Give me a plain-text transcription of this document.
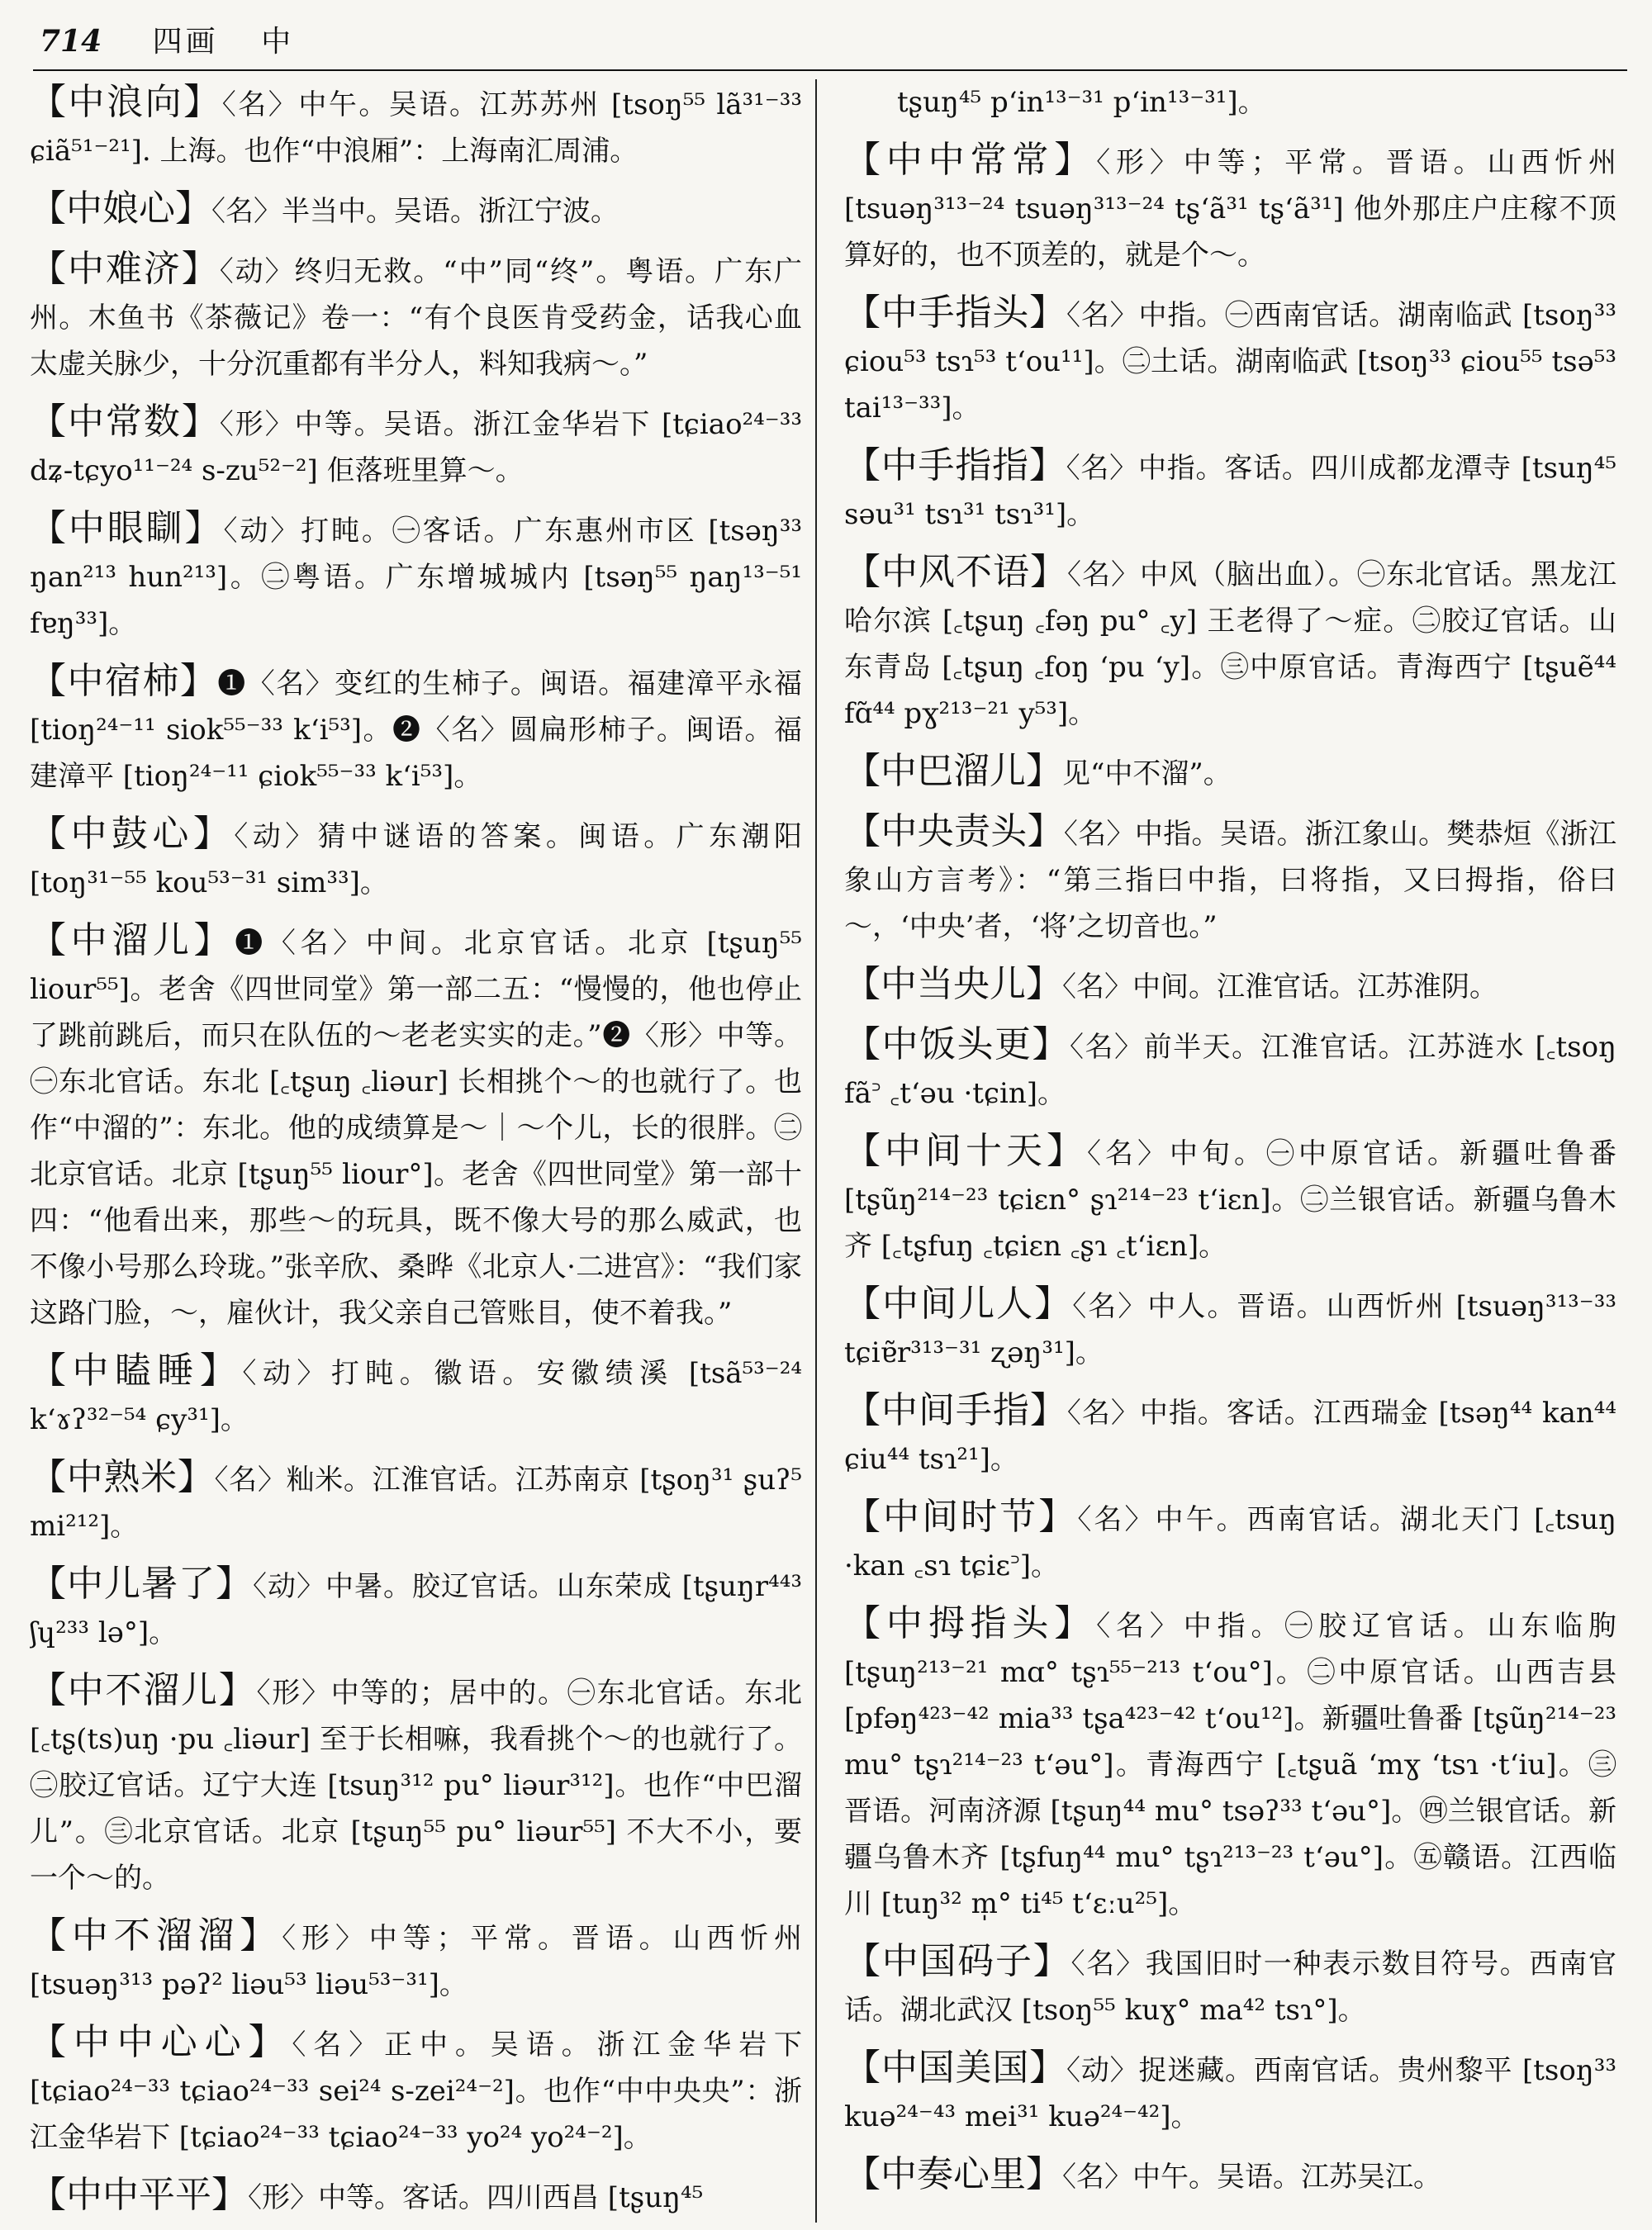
714 四画 中
【中浪向】〈名〉中午。吴语。江苏苏州 [tsoŋ⁵⁵ lã³¹⁻³³ ɕiã⁵¹⁻²¹]. 上海。也作“中浪厢”：上海南汇周浦。
【中娘心】〈名〉半当中。吴语。浙江宁波。
【中难济】〈动〉终归无救。“中”同“终”。粤语。广东广州。木鱼书《茶薇记》卷一：“有个良医肯受药金，话我心血太虚关脉少，十分沉重都有半分人，料知我病～。”
【中常数】〈形〉中等。吴语。浙江金华岩下 [tɕiao²⁴⁻³³ dʑ-tɕyo¹¹⁻²⁴ s-zu⁵²⁻²] 佢落班里算～。
【中眼瞓】〈动〉打盹。㊀客话。广东惠州市区 [tsəŋ³³ ŋan²¹³ hun²¹³]。㊁粤语。广东增城城内 [tsəŋ⁵⁵ ŋaŋ¹³⁻⁵¹ fɐŋ³³]。
【中宿柿】❶〈名〉变红的生柿子。闽语。福建漳平永福 [tioŋ²⁴⁻¹¹ siok⁵⁵⁻³³ k‘i⁵³]。❷〈名〉圆扁形柿子。闽语。福建漳平 [tioŋ²⁴⁻¹¹ ɕiok⁵⁵⁻³³ k‘i⁵³]。
【中鼓心】〈动〉猜中谜语的答案。闽语。广东潮阳 [toŋ³¹⁻⁵⁵ kou⁵³⁻³¹ sim³³]。
【中溜儿】❶〈名〉中间。北京官话。北京 [tʂuŋ⁵⁵ liour⁵⁵]。老舍《四世同堂》第一部二五：“慢慢的，他也停止了跳前跳后，而只在队伍的～老老实实的走。”❷〈形〉中等。㊀东北官话。东北 [꜀tʂuŋ ꜀liəur] 长相挑个～的也就行了。也作“中溜的”：东北。他的成绩算是～｜～个儿，长的很胖。㊁北京官话。北京 [tʂuŋ⁵⁵ liour°]。老舍《四世同堂》第一部十四：“他看出来，那些～的玩具，既不像大号的那么威武，也不像小号那么玲珑。”张辛欣、桑晔《北京人·二进宫》：“我们家这路门脸，～，雇伙计，我父亲自己管账目，使不着我。”
【中瞌睡】〈动〉打盹。徽语。安徽绩溪 [tsã⁵³⁻²⁴ k‘ɤʔ³²⁻⁵⁴ ɕy³¹]。
【中熟米】〈名〉籼米。江淮官话。江苏南京 [tʂoŋ³¹ ʂuʔ⁵ mi²¹²]。
【中儿暑了】〈动〉中暑。胶辽官话。山东荣成 [tʂuŋr⁴⁴³ ʃɥ²³³ lə°]。
【中不溜儿】〈形〉中等的；居中的。㊀东北官话。东北 [꜀tʂ(ts)uŋ ·pu ꜀liəur] 至于长相嘛，我看挑个～的也就行了。㊁胶辽官话。辽宁大连 [tsuŋ³¹² pu° liəur³¹²]。也作“中巴溜儿”。㊂北京官话。北京 [tʂuŋ⁵⁵ pu° liəur⁵⁵] 不大不小，要一个～的。
【中不溜溜】〈形〉中等；平常。晋语。山西忻州 [tsuəŋ³¹³ pəʔ² liəu⁵³ liəu⁵³⁻³¹]。
【中中心心】〈名〉正中。吴语。浙江金华岩下 [tɕiao²⁴⁻³³ tɕiao²⁴⁻³³ sei²⁴ s-zei²⁴⁻²]。也作“中中央央”：浙江金华岩下 [tɕiao²⁴⁻³³ tɕiao²⁴⁻³³ yo²⁴ yo²⁴⁻²]。
【中中平平】〈形〉中等。客话。四川西昌 [tʂuŋ⁴⁵
tʂuŋ⁴⁵ p‘in¹³⁻³¹ p‘in¹³⁻³¹]。
【中中常常】〈形〉中等；平常。晋语。山西忻州 [tsuəŋ³¹³⁻²⁴ tsuəŋ³¹³⁻²⁴ tʂ‘ã³¹ tʂ‘ã³¹] 他外那庄户庄稼不顶算好的，也不顶差的，就是个～。
【中手指头】〈名〉中指。㊀西南官话。湖南临武 [tsoŋ³³ ɕiou⁵³ tsɿ⁵³ t‘ou¹¹]。㊁土话。湖南临武 [tsoŋ³³ ɕiou⁵⁵ tsə⁵³ tai¹³⁻³³]。
【中手指指】〈名〉中指。客话。四川成都龙潭寺 [tsuŋ⁴⁵ səu³¹ tsɿ³¹ tsɿ³¹]。
【中风不语】〈名〉中风（脑出血）。㊀东北官话。黑龙江哈尔滨 [꜀tʂuŋ ꜀fəŋ pu° ꜀y] 王老得了～症。㊁胶辽官话。山东青岛 [꜀tʂuŋ ꜀foŋ ‘pu ‘y]。㊂中原官话。青海西宁 [tʂuẽ⁴⁴ fɑ̃⁴⁴ pɣ²¹³⁻²¹ y⁵³]。
【中巴溜儿】见“中不溜”。
【中央责头】〈名〉中指。吴语。浙江象山。樊恭烜《浙江象山方言考》：“第三指曰中指，曰将指，又曰拇指，俗曰～，‘中央’者，‘将’之切音也。”
【中当央儿】〈名〉中间。江淮官话。江苏淮阴。
【中饭头更】〈名〉前半天。江淮官话。江苏涟水 [꜀tsoŋ fã꜄ ꜀t‘əu ·tɕin]。
【中间十天】〈名〉中旬。㊀中原官话。新疆吐鲁番 [tʂũŋ²¹⁴⁻²³ tɕiɛn° ʂɿ²¹⁴⁻²³ t‘iɛn]。㊁兰银官话。新疆乌鲁木齐 [꜀tʂfuŋ ꜀tɕiɛn ꜀ʂɿ ꜀t‘iɛn]。
【中间儿人】〈名〉中人。晋语。山西忻州 [tsuəŋ³¹³⁻³³ tɕiɐ̃r³¹³⁻³¹ ʐəŋ³¹]。
【中间手指】〈名〉中指。客话。江西瑞金 [tsəŋ⁴⁴ kan⁴⁴ ɕiu⁴⁴ tsɿ²¹]。
【中间时节】〈名〉中午。西南官话。湖北天门 [꜀tsuŋ ·kan ꜀sɿ tɕiɛ꜄]。
【中拇指头】〈名〉中指。㊀胶辽官话。山东临朐 [tʂuŋ²¹³⁻²¹ mɑ° tʂɿ⁵⁵⁻²¹³ t‘ou°]。㊁中原官话。山西吉县 [pfəŋ⁴²³⁻⁴² mia³³ tʂa⁴²³⁻⁴² t‘ou¹²]。新疆吐鲁番 [tʂũŋ²¹⁴⁻²³ mu° tʂɿ²¹⁴⁻²³ t‘əu°]。青海西宁 [꜀tʂuã ‘mɣ ‘tsɿ ·t‘iu]。㊂晋语。河南济源 [tʂuŋ⁴⁴ mu° tsəʔ³³ t‘əu°]。㊃兰银官话。新疆乌鲁木齐 [tʂfuŋ⁴⁴ mu° tʂɿ²¹³⁻²³ t‘əu°]。㊄赣语。江西临川 [tuŋ³² m̩° ti⁴⁵ t‘ɛːu²⁵]。
【中国码子】〈名〉我国旧时一种表示数目符号。西南官话。湖北武汉 [tsoŋ⁵⁵ kuɣ° ma⁴² tsɿ°]。
【中国美国】〈动〉捉迷藏。西南官话。贵州黎平 [tsoŋ³³ kuə²⁴⁻⁴³ mei³¹ kuə²⁴⁻⁴²]。
【中奏心里】〈名〉中午。吴语。江苏吴江。
